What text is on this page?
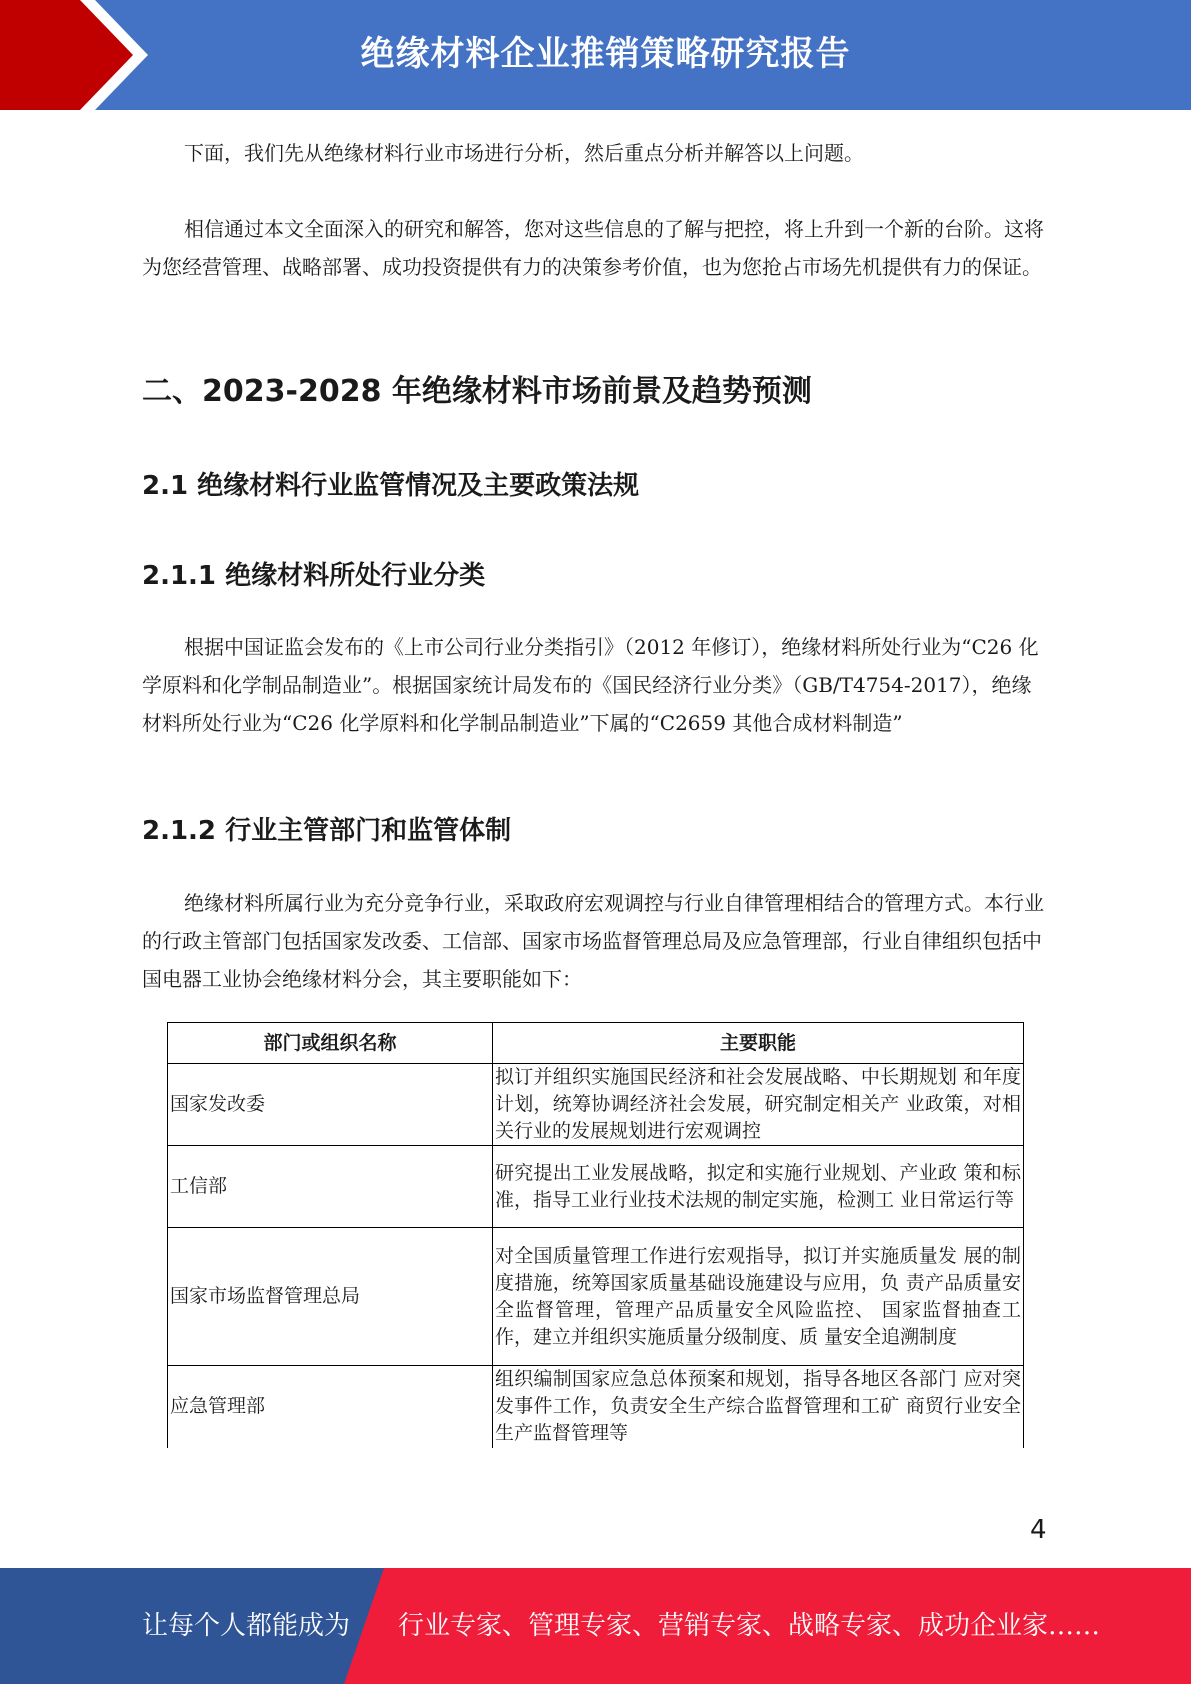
绝缘材料企业推销策略研究报告

下面，我们先从绝缘材料行业市场进行分析，然后重点分析并解答以上问题。

相信通过本文全面深入的研究和解答，您对这些信息的了解与把控，将上升到一个新的台阶。这将为您经营管理、战略部署、成功投资提供有力的决策参考价值，也为您抢占市场先机提供有力的保证。

二、2023-2028 年绝缘材料市场前景及趋势预测
2.1 绝缘材料行业监管情况及主要政策法规
2.1.1 绝缘材料所处行业分类

根据中国证监会发布的《上市公司行业分类指引》（2012 年修订），绝缘材料所处行业为“C26 化学原料和化学制品制造业”。根据国家统计局发布的《国民经济行业分类》（GB/T4754-2017），绝缘材料所处行业为“C26 化学原料和化学制品制造业”下属的“C2659 其他合成材料制造”

2.1.2 行业主管部门和监管体制

绝缘材料所属行业为充分竞争行业，采取政府宏观调控与行业自律管理相结合的管理方式。本行业的行政主管部门包括国家发改委、工信部、国家市场监督管理总局及应急管理部，行业自律组织包括中国电器工业协会绝缘材料分会，其主要职能如下：

部门或组织名称	主要职能
国家发改委	拟订并组织实施国民经济和社会发展战略、中长期规划 和年度计划，统筹协调经济社会发展，研究制定相关产 业政策，对相关行业的发展规划进行宏观调控
工信部	研究提出工业发展战略，拟定和实施行业规划、产业政 策和标准，指导工业行业技术法规的制定实施，检测工 业日常运行等
国家市场监督管理总局	对全国质量管理工作进行宏观指导，拟订并实施质量发 展的制度措施，统筹国家质量基础设施建设与应用，负 责产品质量安全监督管理，管理产品质量安全风险监控、 国家监督抽查工作，建立并组织实施质量分级制度、质 量安全追溯制度
应急管理部	组织编制国家应急总体预案和规划，指导各地区各部门 应对突发事件工作，负责安全生产综合监督管理和工矿 商贸行业安全生产监督管理等
4
让每个人都能成为 行业专家、管理专家、营销专家、战略专家、成功企业家……
